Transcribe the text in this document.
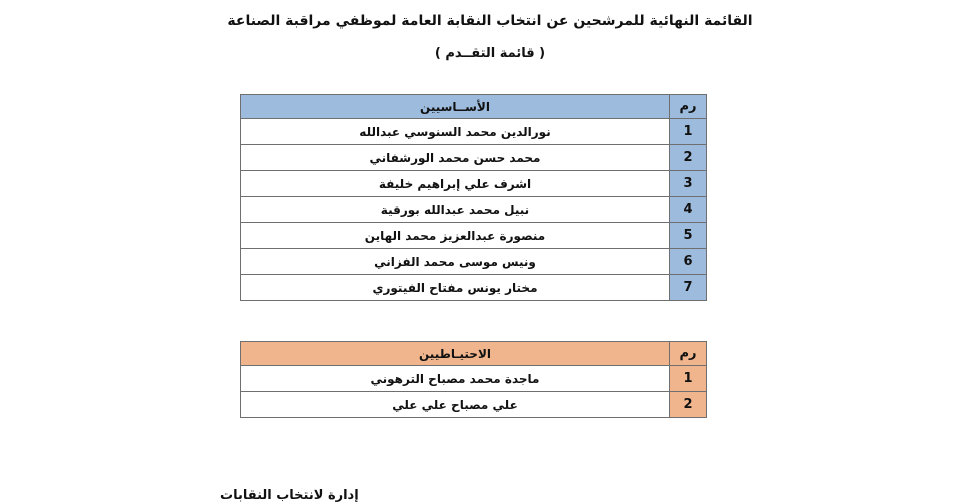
القائمة النهائية للمرشحين عن انتخاب النقابة العامة لموظفي مراقبة الصناعة
( قائمة التقــدم )
رم	الأســاسيين
1	نورالدين محمد السنوسي عبدالله
2	محمد حسن محمد الورشفاني
3	اشرف علي إبراهيم خليفة
4	نبيل محمد عبدالله بورقية
5	منصورة عبدالعزيز محمد الهاين
6	ونيس موسى محمد الفزاني
7	مختار يونس مفتاح الفيتوري
رم	الاحتيـاطيين
1	ماجدة محمد مصباح الترهوني
2	علي مصباح علي علي
إدارة لانتخاب النقابات
